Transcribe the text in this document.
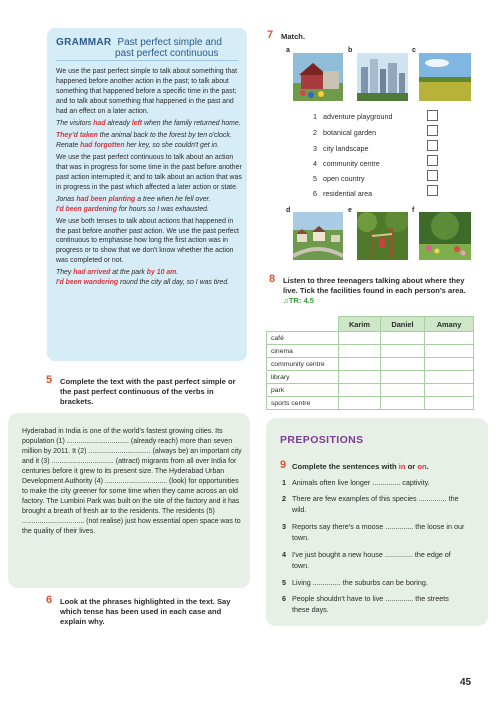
GRAMMAR Past perfect simple and
past perfect continuous

We use the past perfect simple to talk about something that happened before another action in the past; to talk about something that happened before a specific time in the past; and to talk about something that happened in the past and had an effect on a later action.

The visitors had already left when the family returned home.

They'd taken the animal back to the forest by ten o'clock.

Renate had forgotten her key, so she couldn't get in.

We use the past perfect continuous to talk about an action that was in progress for some time in the past before another past action interrupted it; and to talk about an action that was in progress in the past which affected a later action or state.

Jonas had been planting a tree when he fell over.

I'd been gardening for hours so I was exhausted.

We use both tenses to talk about actions that happened in the past before another past action. We use the past perfect continuous to emphasise how long the first action was in progress or to show that we don't know whether the action was completed or not.

They had arrived at the park by 10 am.

I'd been wandering round the city all day, so I was tired.

5 Complete the text with the past perfect simple or the past perfect continuous of the verbs in brackets.
Hyderabad in India is one of the world's fastest growing cities. Its population (1) ................................ (already reach) more than seven million by 2011. It (2) ................................ (always be) an important city and it (3) ................................ (attract) migrants from all over India for centuries before it grew to its present size. The Hyderabad Urban Development Authority (4) ................................ (look) for opportunities to make the city greener for some time when they came across an old factory. The Lumbini Park was built on the site of the factory and it has brought a breath of fresh air to the residents. The residents (5) ................................ (not realise) just how essential open space was to the quality of their lives.
6 Look at the phrases highlighted in the text. Say which tense has been used in each case and explain why.
7 Match.
a	b	c
1 adventure playground
2 botanical garden
3 city landscape
4 community centre
5 open country
6 residential area
d	e	f
8 Listen to three teenagers talking about where they live. Tick the facilities found in each person's area. ♫TR: 4.5
	Karim	Daniel	Amany
café			
cinema			
community centre			
library			
park			
sports centre			
PREPOSITIONS
9 Complete the sentences with in or on.
1 Animals often live longer .............. captivity.
2 There are few examples of this species .............. the wild.
3 Reports say there's a moose .............. the loose in our town.
4 I've just bought a new house .............. the edge of town.
5 Living .............. the suburbs can be boring.
6 People shouldn't have to live .............. the streets these days.
45
